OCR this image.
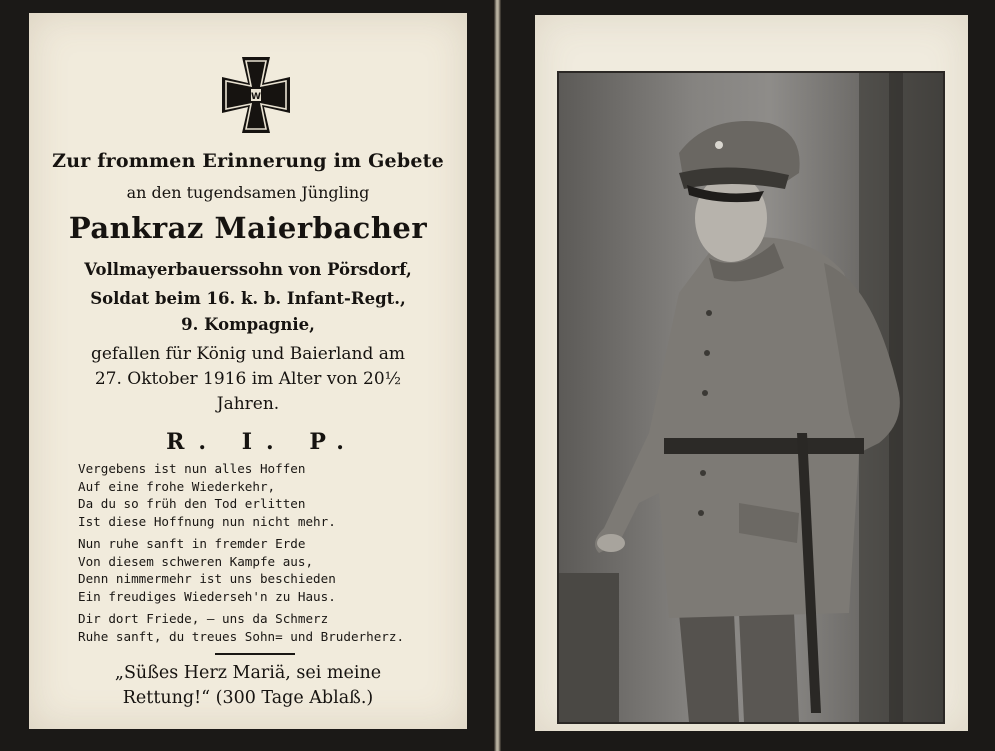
W
Zur frommen Erinnerung im Gebete
an den tugendsamen Jüngling
Pankraz Maierbacher
Vollmayerbauerssohn von Pörsdorf,
Soldat beim 16. k. b. Infant-Regt.,
9. Kompagnie,
gefallen für König und Baierland am
27. Oktober 1916 im Alter von 20½
Jahren.
R. I. P.
Vergebens ist nun alles Hoffen
Auf eine frohe Wiederkehr,
Da du so früh den Tod erlitten
Ist diese Hoffnung nun nicht mehr.
Nun ruhe sanft in fremder Erde
Von diesem schweren Kampfe aus,
Denn nimmermehr ist uns beschieden
Ein freudiges Wiederseh'n zu Haus.
Dir dort Friede, — uns da Schmerz
Ruhe sanft, du treues Sohn= und Bruderherz.
„Süßes Herz Mariä, sei meine
Rettung!“ (300 Tage Ablaß.)
